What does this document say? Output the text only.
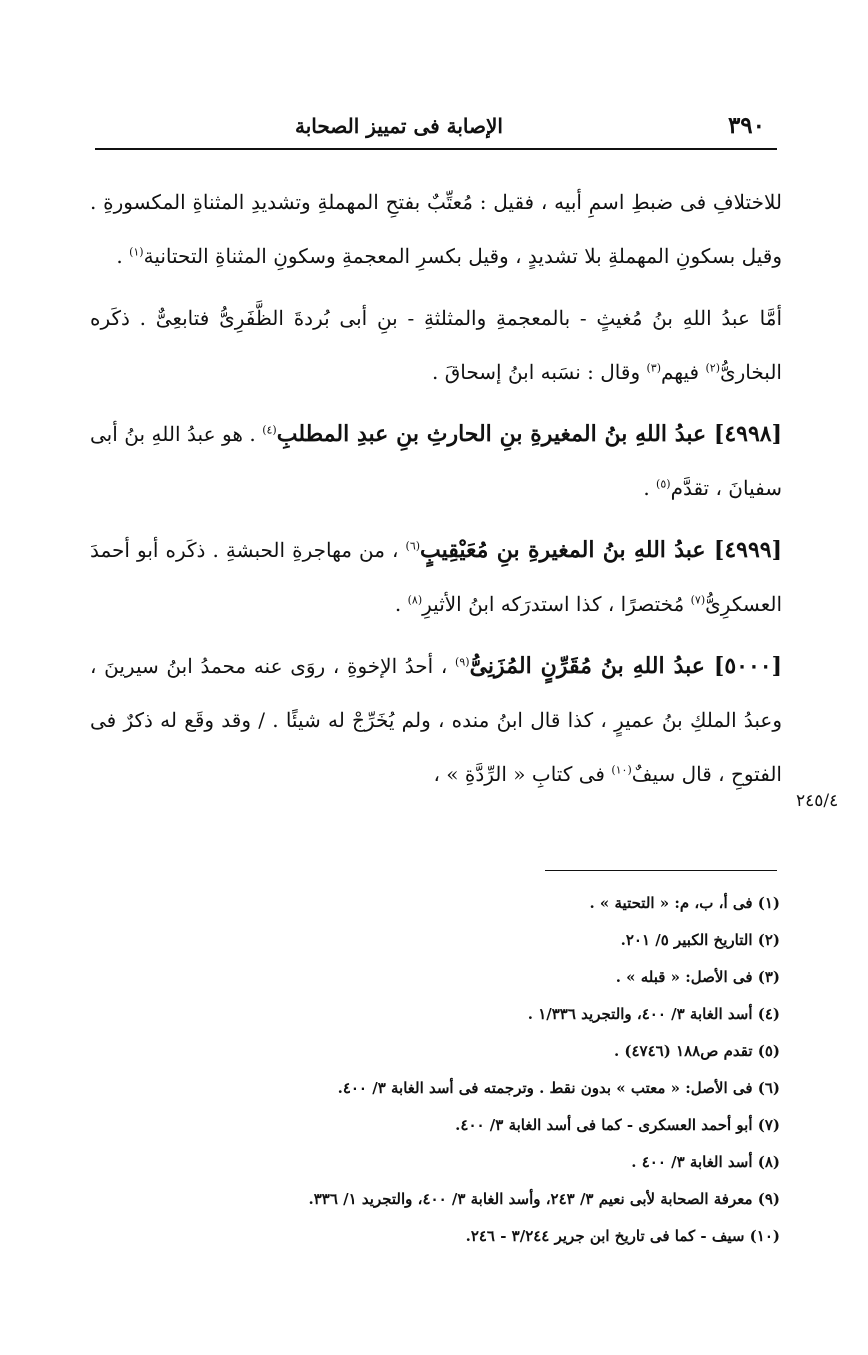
٣٩٠
الإصابة فى تمييز الصحابة

للاختلافِ فى ضبطِ اسمِ أبيه ، فقيل : مُعتِّبٌ بفتحِ المهملةِ وتشديدِ المثناةِ المكسورةِ . وقيل بسكونِ المهملةِ بلا تشديدٍ ، وقيل بكسرِ المعجمةِ وسكونِ المثناةِ التحتانية$^{(١)}$ .

أمَّا عبدُ اللهِ بنُ مُغيثٍ - بالمعجمةِ والمثلثةِ - بنِ أبى بُردةَ الظَّفَرِىُّ فتابعِىٌّ . ذكَره البخارىُّ$^{(٢)}$ فيهم$^{(٣)}$ وقال : نسَبه ابنُ إسحاقَ .

[٤٩٩٨] عبدُ اللهِ بنُ المغيرةِ بنِ الحارثِ بنِ عبدِ المطلبِ$^{(٤)}$ . هو عبدُ اللهِ بنُ أبى سفيانَ ، تقدَّم$^{(٥)}$ .

[٤٩٩٩] عبدُ اللهِ بنُ المغيرةِ بنِ مُعَيْقِيبٍ$^{(٦)}$ ، من مهاجرةِ الحبشةِ . ذكَره أبو أحمدَ العسكرِىُّ$^{(٧)}$ مُختصرًا ، كذا استدرَكه ابنُ الأثيرِ$^{(٨)}$ .

[٥٠٠٠] عبدُ اللهِ بنُ مُقَرِّنٍ المُزَنِىُّ$^{(٩)}$ ، أحدُ الإخوةِ ، روَى عنه محمدُ ابنُ سيرينَ ، وعبدُ الملكِ بنُ عميرٍ ، كذا قال ابنُ منده ، ولم يُخَرِّجْ له شيئًا . / وقد وقَع له ذكرٌ فى الفتوحِ ، قال سيفٌ$^{(١٠)}$ فى كتابِ « الرِّدَّةِ » ،

٢٤٥/٤
(١) فى أ، ب، م: « التحتية » .
(٢) التاريخ الكبير ٥/ ٢٠١.
(٣) فى الأصل: « قبله » .
(٤) أسد الغابة ٣/ ٤٠٠، والتجريد ١/٣٣٦ .
(٥) تقدم ص١٨٨ (٤٧٤٦) .
(٦) فى الأصل: « معتب » بدون نقط . وترجمته فى أسد الغابة ٣/ ٤٠٠.
(٧) أبو أحمد العسكرى - كما فى أسد الغابة ٣/ ٤٠٠.
(٨) أسد الغابة ٣/ ٤٠٠ .
(٩) معرفة الصحابة لأبى نعيم ٣/ ٢٤٣، وأسد الغابة ٣/ ٤٠٠، والتجريد ١/ ٣٣٦.
(١٠) سيف - كما فى تاريخ ابن جرير ٣/٢٤٤ - ٢٤٦.
